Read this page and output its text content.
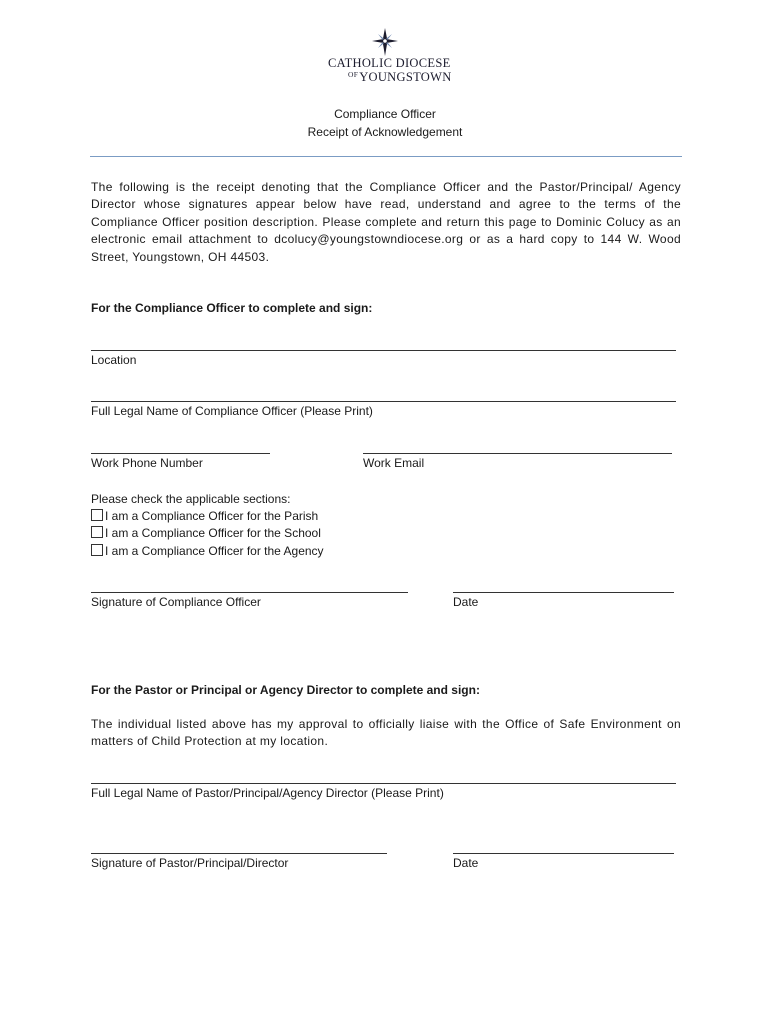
CATHOLIC DIOCESE
$^{OF}$YOUNGSTOWN
Compliance Officer
Receipt of Acknowledgement
The following is the receipt denoting that the Compliance Officer and the Pastor/Principal/ Agency Director whose signatures appear below have read, understand and agree to the terms of the Compliance Officer position description. Please complete and return this page to Dominic Colucy as an electronic email attachment to dcolucy@youngstowndiocese.org or as a hard copy to 144 W. Wood Street, Youngstown, OH 44503.
For the Compliance Officer to complete and sign:
Location
Full Legal Name of Compliance Officer (Please Print)
Work Phone Number	Work Email
Please check the applicable sections:
I am a Compliance Officer for the Parish
I am a Compliance Officer for the School
I am a Compliance Officer for the Agency
Signature of Compliance Officer	Date
For the Pastor or Principal or Agency Director to complete and sign:
The individual listed above has my approval to officially liaise with the Office of Safe Environment on matters of Child Protection at my location.
Full Legal Name of Pastor/Principal/Agency Director (Please Print)
Signature of Pastor/Principal/Director	Date
